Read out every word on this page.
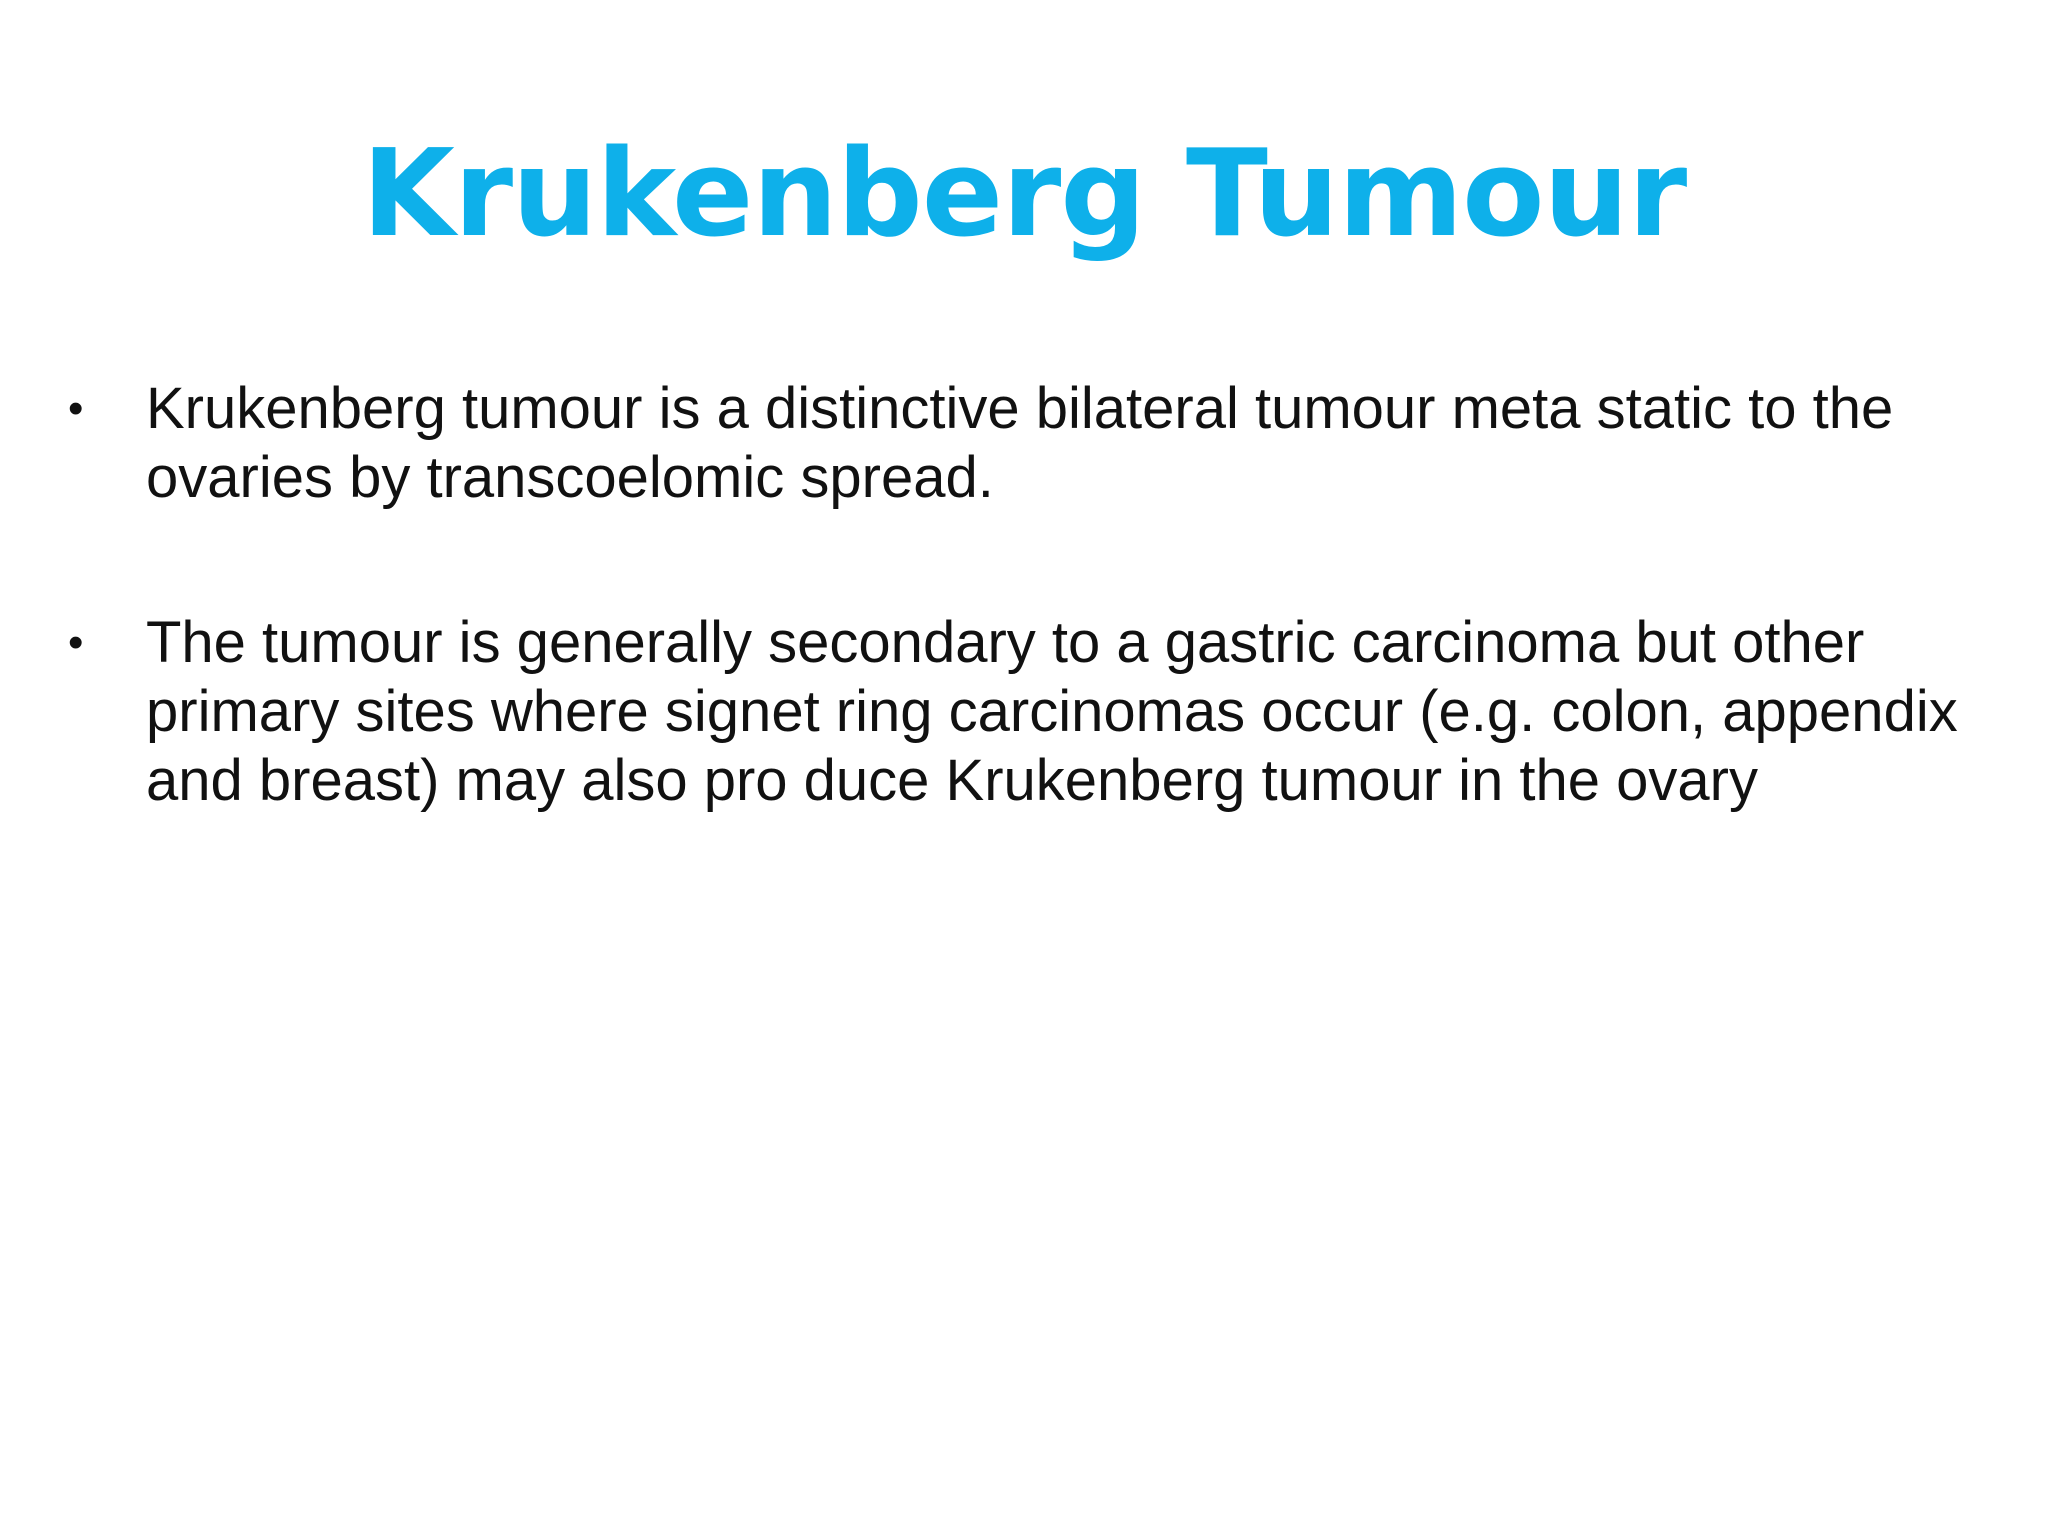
Krukenberg Tumour
• Krukenberg tumour is a distinctive bilateral tumour meta static to the
ovaries by transcoelomic spread.
• The tumour is generally secondary to a gastric carcinoma but other
primary sites where signet ring carcinomas occur (e.g. colon, appendix
and breast) may also pro duce Krukenberg tumour in the ovary
